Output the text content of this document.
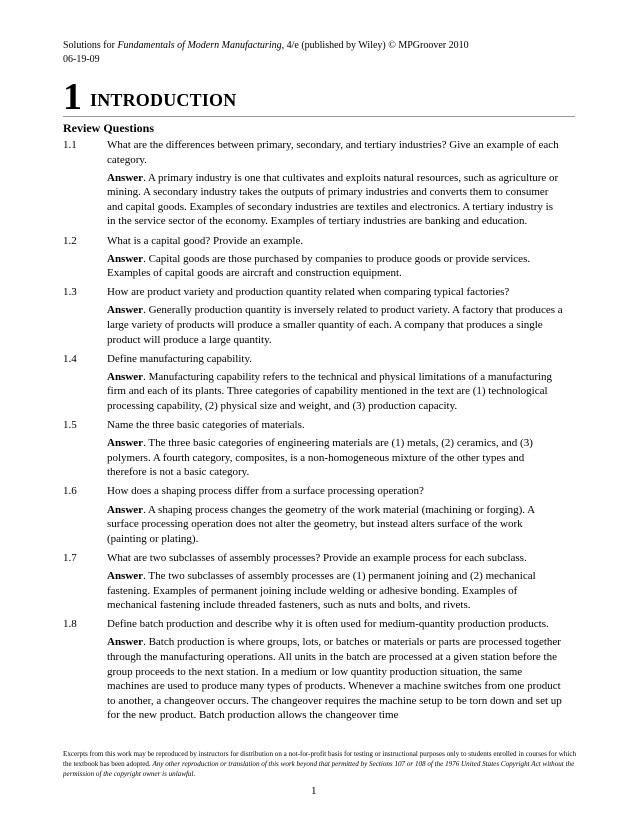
Solutions for Fundamentals of Modern Manufacturing, 4/e (published by Wiley) © MPGroover 2010
06-19-09
1 INTRODUCTION
Review Questions
1.1	What are the differences between primary, secondary, and tertiary industries? Give an example of each category.

Answer. A primary industry is one that cultivates and exploits natural resources, such as agriculture or mining. A secondary industry takes the outputs of primary industries and converts them to consumer and capital goods. Examples of secondary industries are textiles and electronics. A tertiary industry is in the service sector of the economy. Examples of tertiary industries are banking and education.

1.2	What is a capital good? Provide an example.

Answer. Capital goods are those purchased by companies to produce goods or provide services. Examples of capital goods are aircraft and construction equipment.

1.3	How are product variety and production quantity related when comparing typical factories?

Answer. Generally production quantity is inversely related to product variety. A factory that produces a large variety of products will produce a smaller quantity of each. A company that produces a single product will produce a large quantity.

1.4	Define manufacturing capability.

Answer. Manufacturing capability refers to the technical and physical limitations of a manufacturing firm and each of its plants. Three categories of capability mentioned in the text are (1) technological processing capability, (2) physical size and weight, and (3) production capacity.

1.5	Name the three basic categories of materials.

Answer. The three basic categories of engineering materials are (1) metals, (2) ceramics, and (3) polymers. A fourth category, composites, is a non-homogeneous mixture of the other types and therefore is not a basic category.

1.6	How does a shaping process differ from a surface processing operation?

Answer. A shaping process changes the geometry of the work material (machining or forging). A surface processing operation does not alter the geometry, but instead alters surface of the work (painting or plating).

1.7	What are two subclasses of assembly processes? Provide an example process for each subclass.

Answer. The two subclasses of assembly processes are (1) permanent joining and (2) mechanical fastening. Examples of permanent joining include welding or adhesive bonding. Examples of mechanical fastening include threaded fasteners, such as nuts and bolts, and rivets.

1.8	Define batch production and describe why it is often used for medium-quantity production products.

Answer. Batch production is where groups, lots, or batches or materials or parts are processed together through the manufacturing operations. All units in the batch are processed at a given station before the group proceeds to the next station. In a medium or low quantity production situation, the same machines are used to produce many types of products. Whenever a machine switches from one product to another, a changeover occurs. The changeover requires the machine setup to be torn down and set up for the new product. Batch production allows the changeover time

Excerpts from this work may be reproduced by instructors for distribution on a not-for-profit basis for testing or instructional purposes only to students enrolled in courses for which the textbook has been adopted. Any other reproduction or translation of this work beyond that permitted by Sections 107 or 108 of the 1976 United States Copyright Act without the permission of the copyright owner is unlawful.
1
